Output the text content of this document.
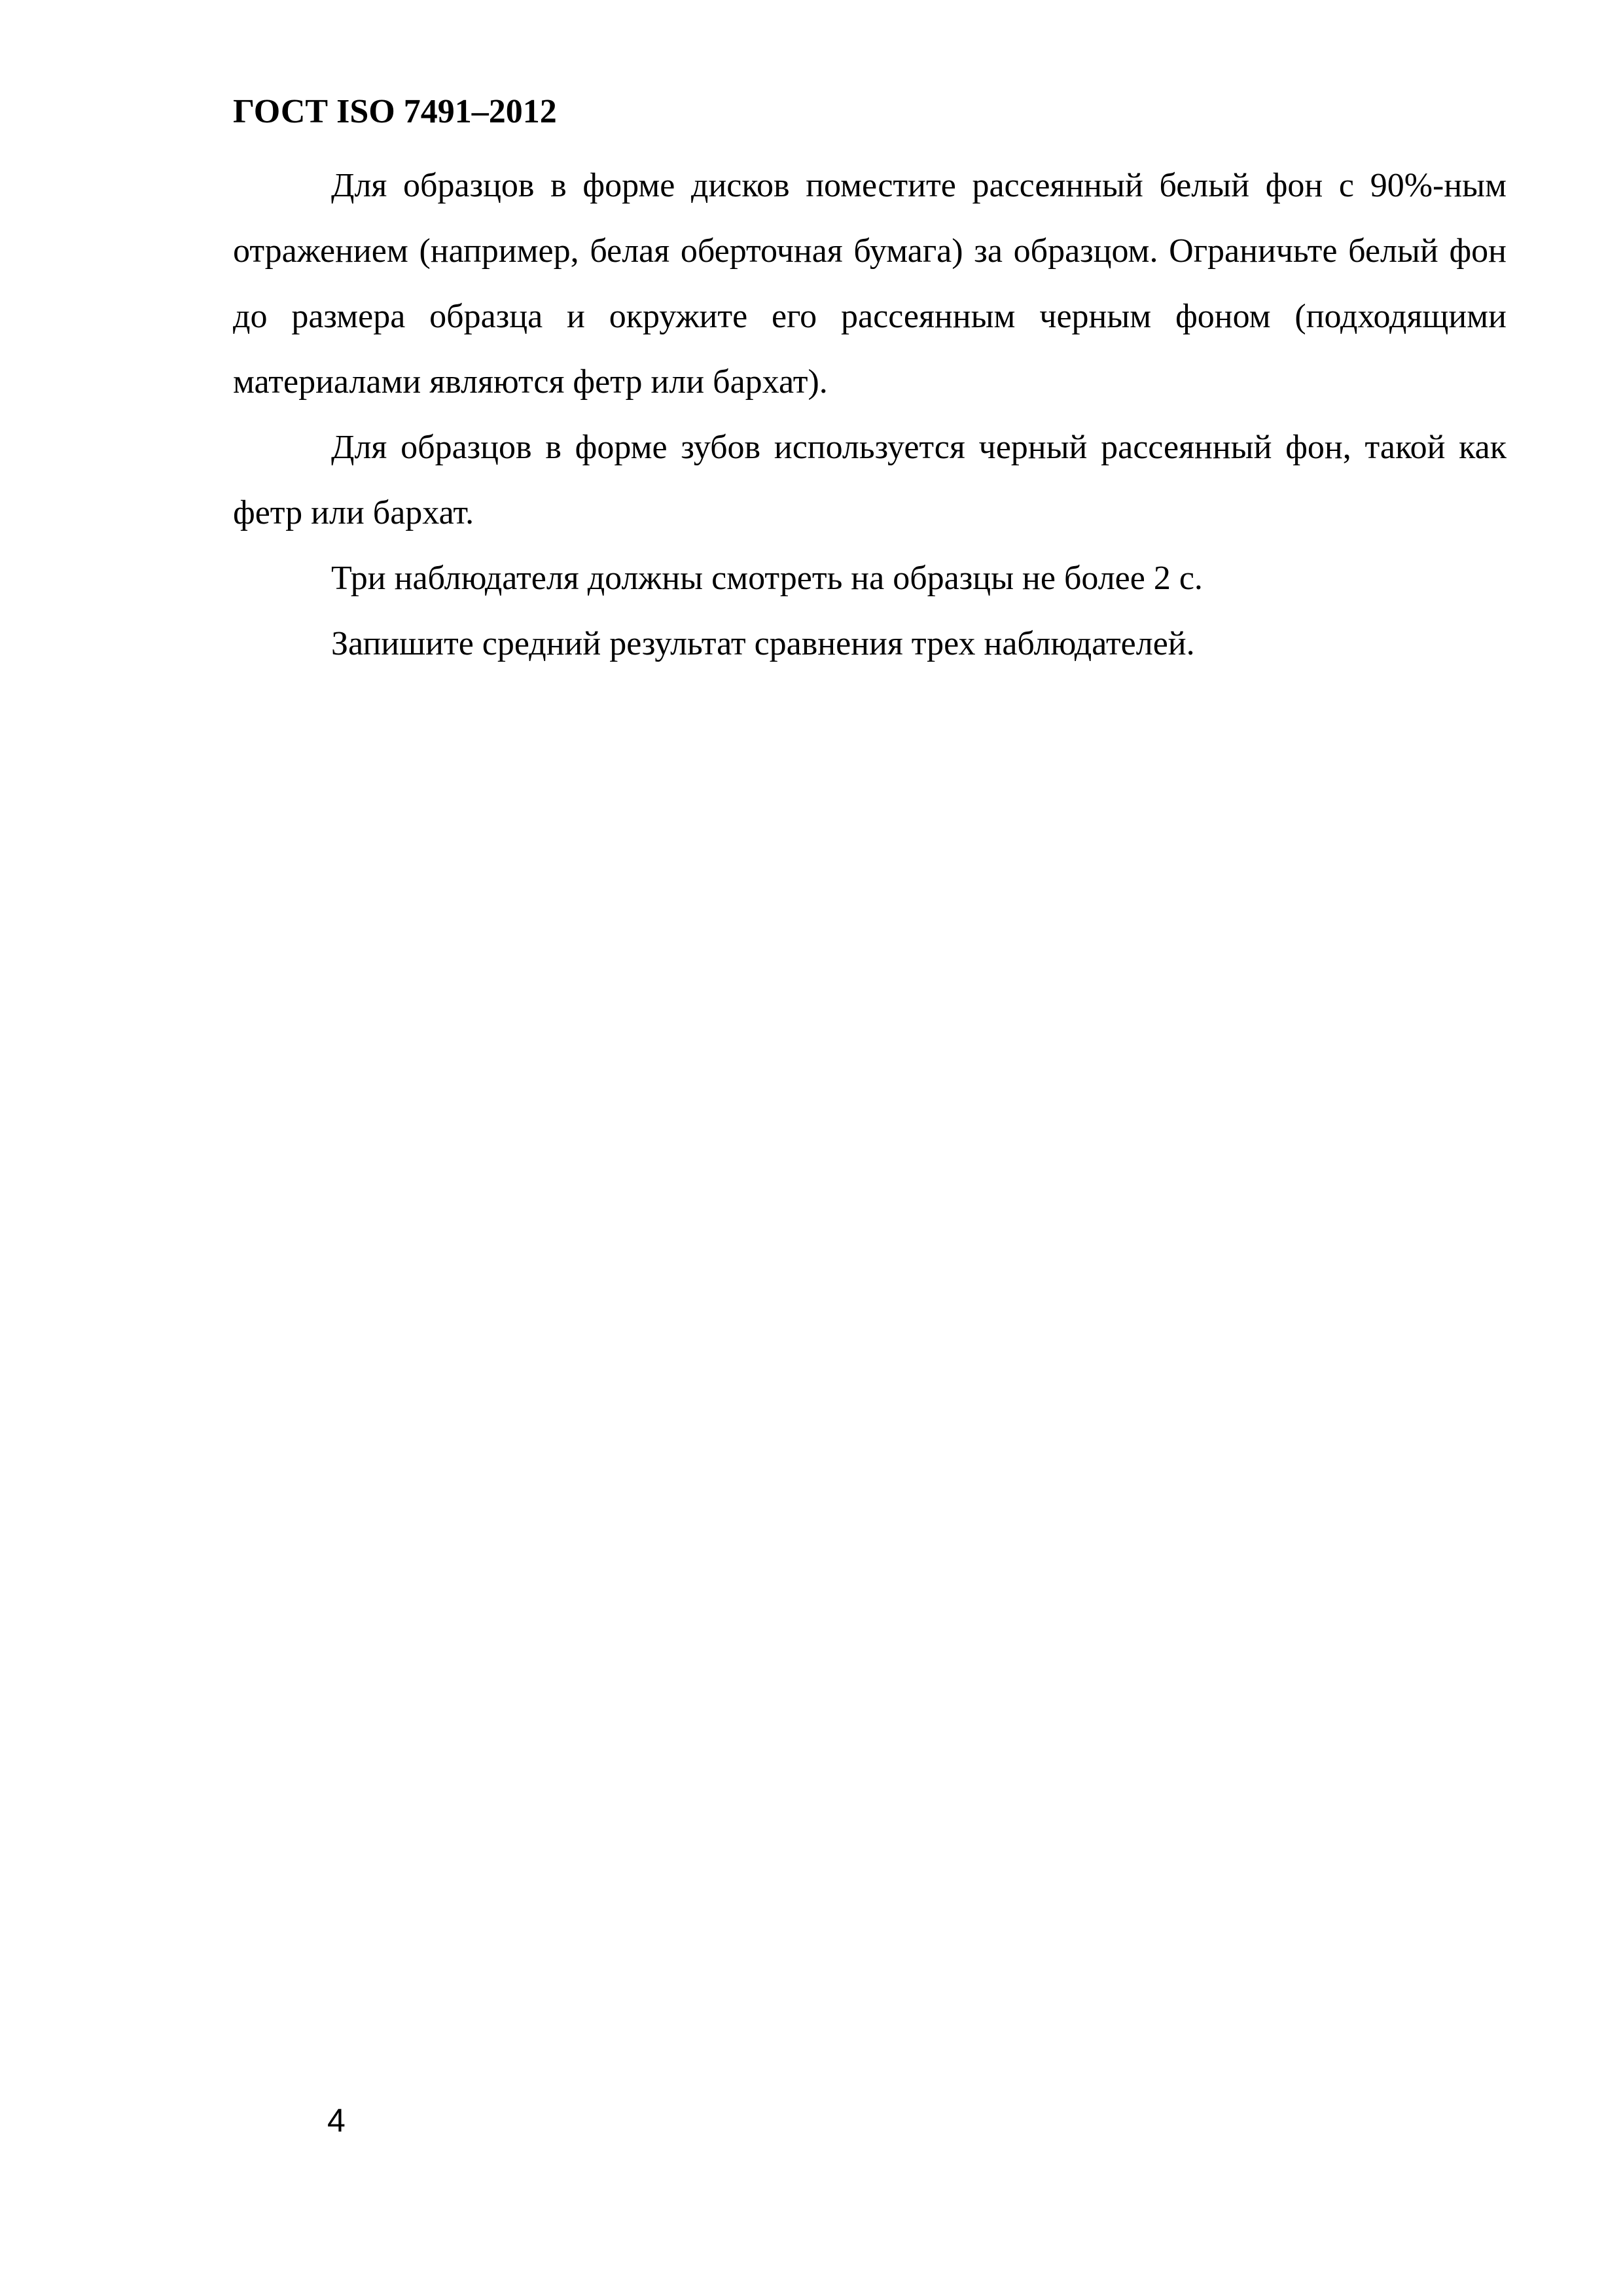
ГОСТ ISO 7491–2012

Для образцов в форме дисков поместите рассеянный белый фон с 90%-ным отражением (например, белая оберточная бумага) за образцом. Ограничьте белый фон до размера образца и окружите его рассеянным черным фоном (подходящими материалами являются фетр или бархат).

Для образцов в форме зубов используется черный рассеянный фон, такой как фетр или бархат.

Три наблюдателя должны смотреть на образцы не более 2 с.

Запишите средний результат сравнения трех наблюдателей.

4
